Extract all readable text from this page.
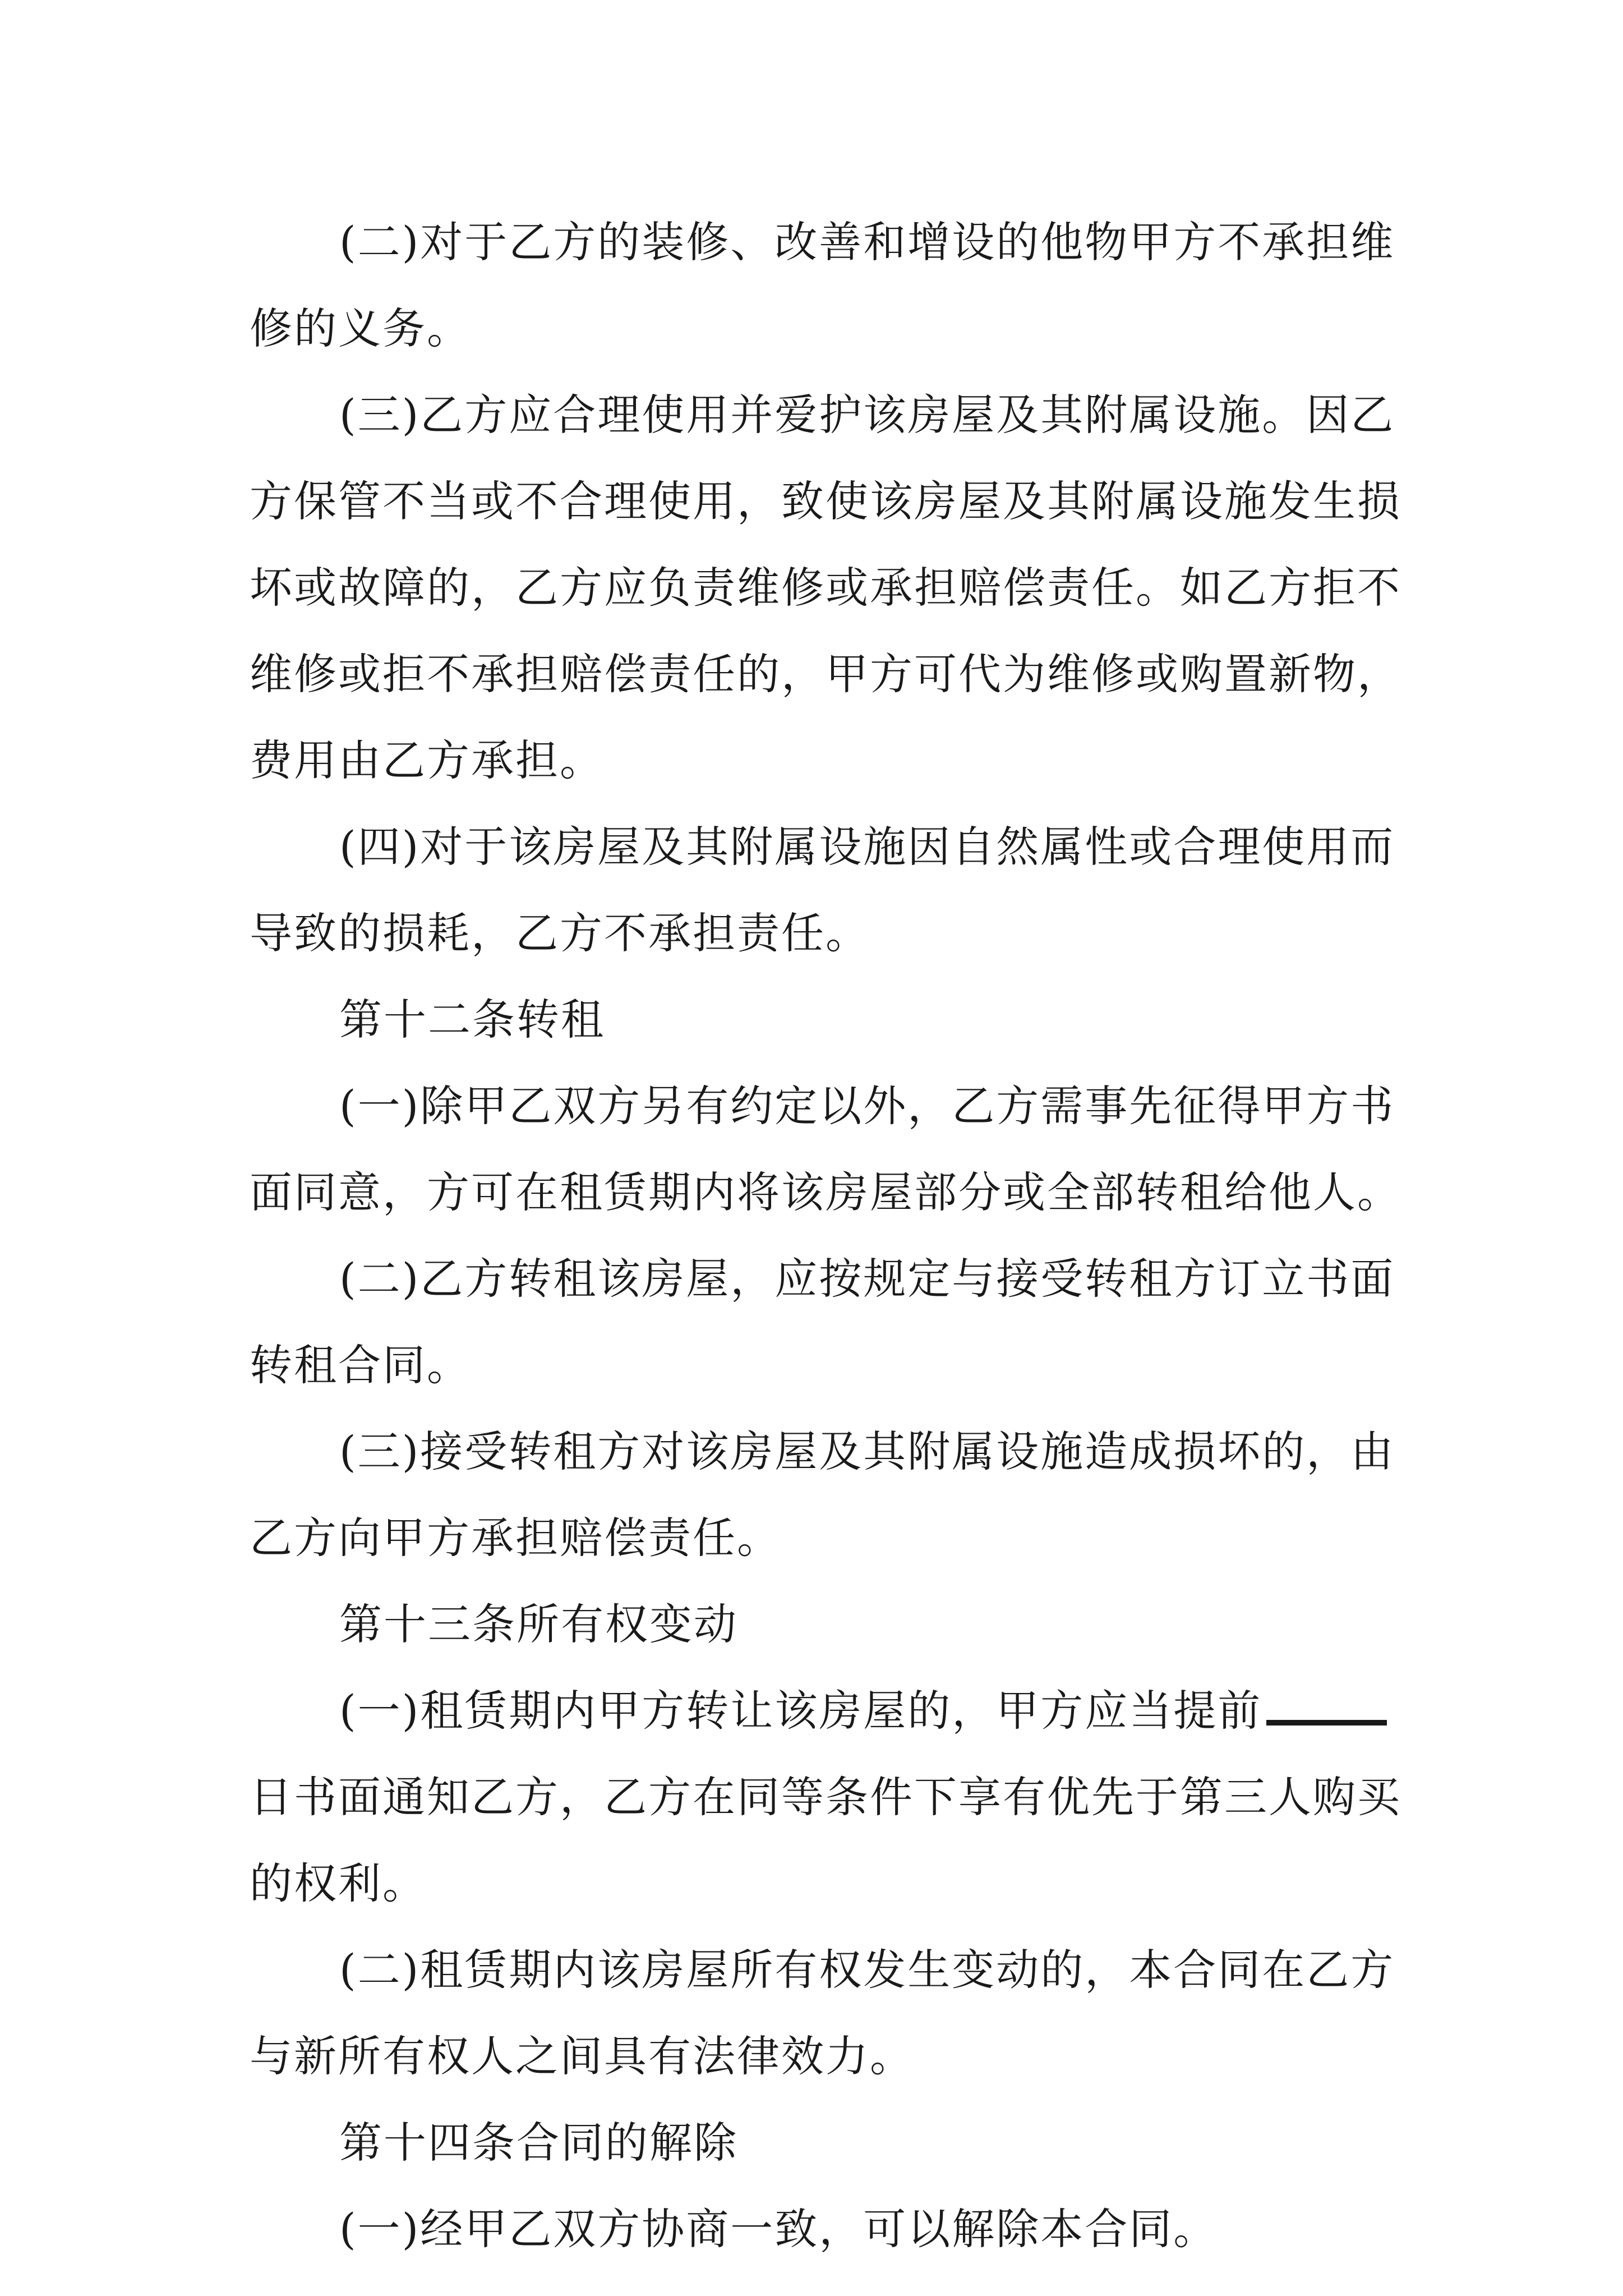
(二)对于乙方的装修、改善和增设的他物甲方不承担维
修的义务。
(三)乙方应合理使用并爱护该房屋及其附属设施。因乙
方保管不当或不合理使用，致使该房屋及其附属设施发生损
坏或故障的，乙方应负责维修或承担赔偿责任。如乙方拒不
维修或拒不承担赔偿责任的，甲方可代为维修或购置新物，
费用由乙方承担。
(四)对于该房屋及其附属设施因自然属性或合理使用而
导致的损耗，乙方不承担责任。
第十二条转租
(一)除甲乙双方另有约定以外，乙方需事先征得甲方书
面同意，方可在租赁期内将该房屋部分或全部转租给他人。
(二)乙方转租该房屋，应按规定与接受转租方订立书面
转租合同。
(三)接受转租方对该房屋及其附属设施造成损坏的，由
乙方向甲方承担赔偿责任。
第十三条所有权变动
(一)租赁期内甲方转让该房屋的，甲方应当提前
日书面通知乙方，乙方在同等条件下享有优先于第三人购买
的权利。
(二)租赁期内该房屋所有权发生变动的，本合同在乙方
与新所有权人之间具有法律效力。
第十四条合同的解除
(一)经甲乙双方协商一致，可以解除本合同。
